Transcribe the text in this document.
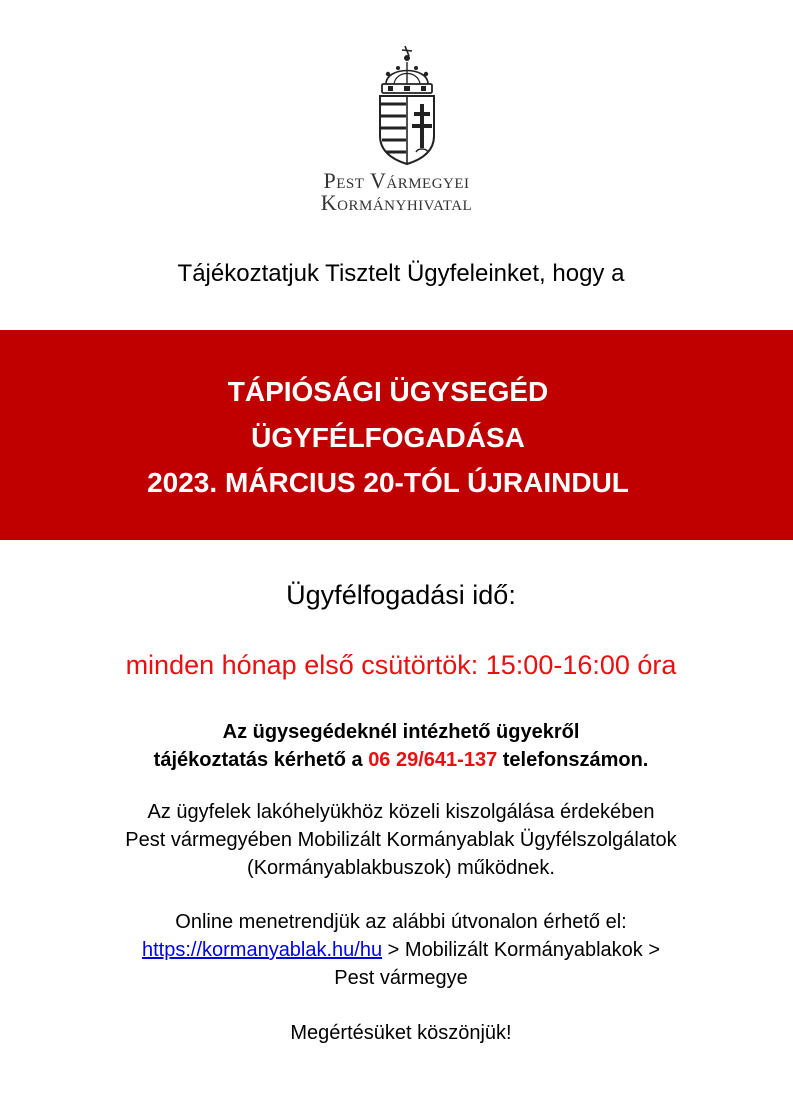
Pest Vármegyei
Kormányhivatal
Tájékoztatjuk Tisztelt Ügyfeleinket, hogy a
TÁPIÓSÁGI ÜGYSEGÉD
ÜGYFÉLFOGADÁSA
2023. MÁRCIUS 20-TÓL ÚJRAINDUL
Ügyfélfogadási idő:
minden hónap első csütörtök: 15:00-16:00 óra
Az ügysegédeknél intézhető ügyekről
tájékoztatás kérhető a 06 29/641-137 telefonszámon.
Az ügyfelek lakóhelyükhöz közeli kiszolgálása érdekében
Pest vármegyében Mobilizált Kormányablak Ügyfélszolgálatok
(Kormányablakbuszok) működnek.
Online menetrendjük az alábbi útvonalon érhető el:
https://kormanyablak.hu/hu > Mobilizált Kormányablakok >
Pest vármegye
Megértésüket köszönjük!
